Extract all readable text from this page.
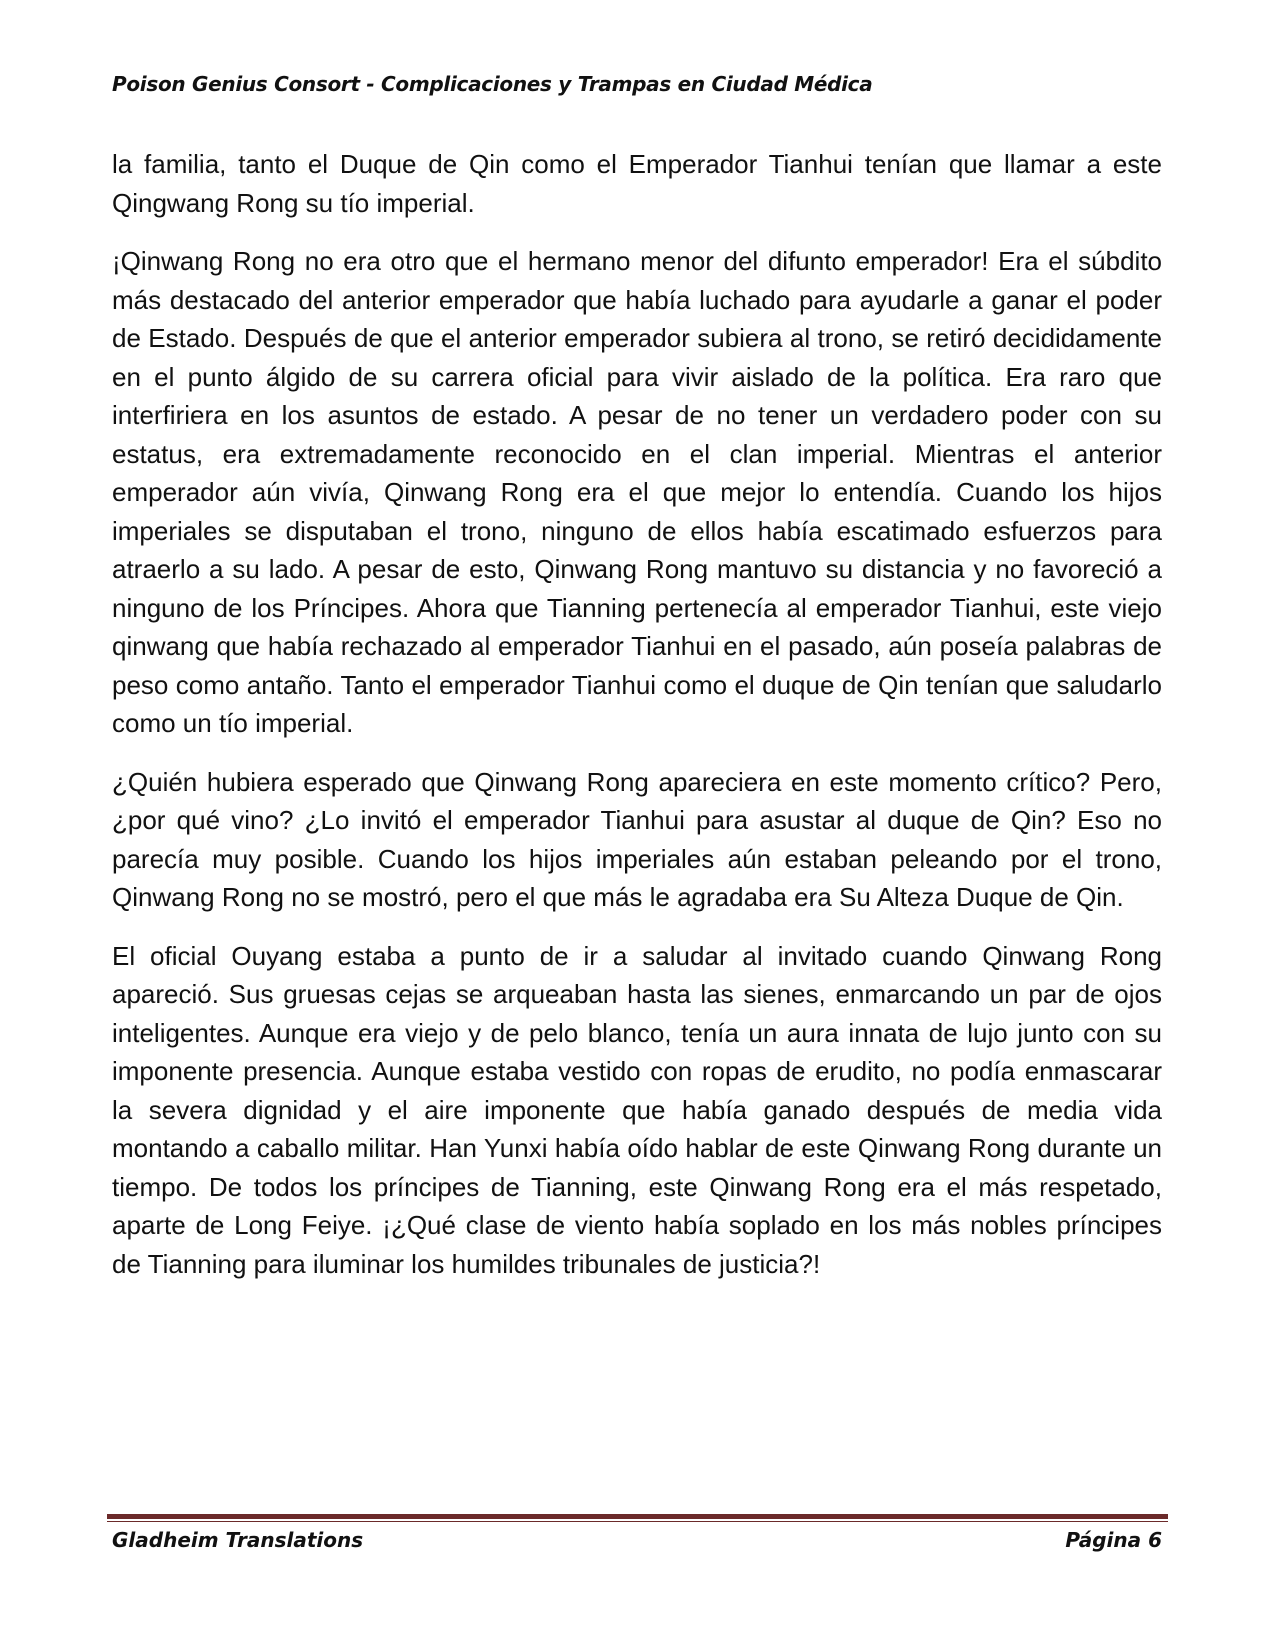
Poison Genius Consort - Complicaciones y Trampas en Ciudad Médica

la familia, tanto el Duque de Qin como el Emperador Tianhui tenían que llamar a este Qingwang Rong su tío imperial.

¡Qinwang Rong no era otro que el hermano menor del difunto emperador! Era el súbdito más destacado del anterior emperador que había luchado para ayudarle a ganar el poder de Estado. Después de que el anterior emperador subiera al trono, se retiró decididamente en el punto álgido de su carrera oficial para vivir aislado de la política. Era raro que interfiriera en los asuntos de estado. A pesar de no tener un verdadero poder con su estatus, era extremadamente reconocido en el clan imperial. Mientras el anterior emperador aún vivía, Qinwang Rong era el que mejor lo entendía. Cuando los hijos imperiales se disputaban el trono, ninguno de ellos había escatimado esfuerzos para atraerlo a su lado. A pesar de esto, Qinwang Rong mantuvo su distancia y no favoreció a ninguno de los Príncipes. Ahora que Tianning pertenecía al emperador Tianhui, este viejo qinwang que había rechazado al emperador Tianhui en el pasado, aún poseía palabras de peso como antaño. Tanto el emperador Tianhui como el duque de Qin tenían que saludarlo como un tío imperial.

¿Quién hubiera esperado que Qinwang Rong apareciera en este momento crítico? Pero, ¿por qué vino? ¿Lo invitó el emperador Tianhui para asustar al duque de Qin? Eso no parecía muy posible. Cuando los hijos imperiales aún estaban peleando por el trono, Qinwang Rong no se mostró, pero el que más le agradaba era Su Alteza Duque de Qin.

El oficial Ouyang estaba a punto de ir a saludar al invitado cuando Qinwang Rong apareció. Sus gruesas cejas se arqueaban hasta las sienes, enmarcando un par de ojos inteligentes. Aunque era viejo y de pelo blanco, tenía un aura innata de lujo junto con su imponente presencia. Aunque estaba vestido con ropas de erudito, no podía enmascarar la severa dignidad y el aire imponente que había ganado después de media vida montando a caballo militar. Han Yunxi había oído hablar de este Qinwang Rong durante un tiempo. De todos los príncipes de Tianning, este Qinwang Rong era el más respetado, aparte de Long Feiye. ¡¿Qué clase de viento había soplado en los más nobles príncipes de Tianning para iluminar los humildes tribunales de justicia?!

Gladheim Translations	Página 6
